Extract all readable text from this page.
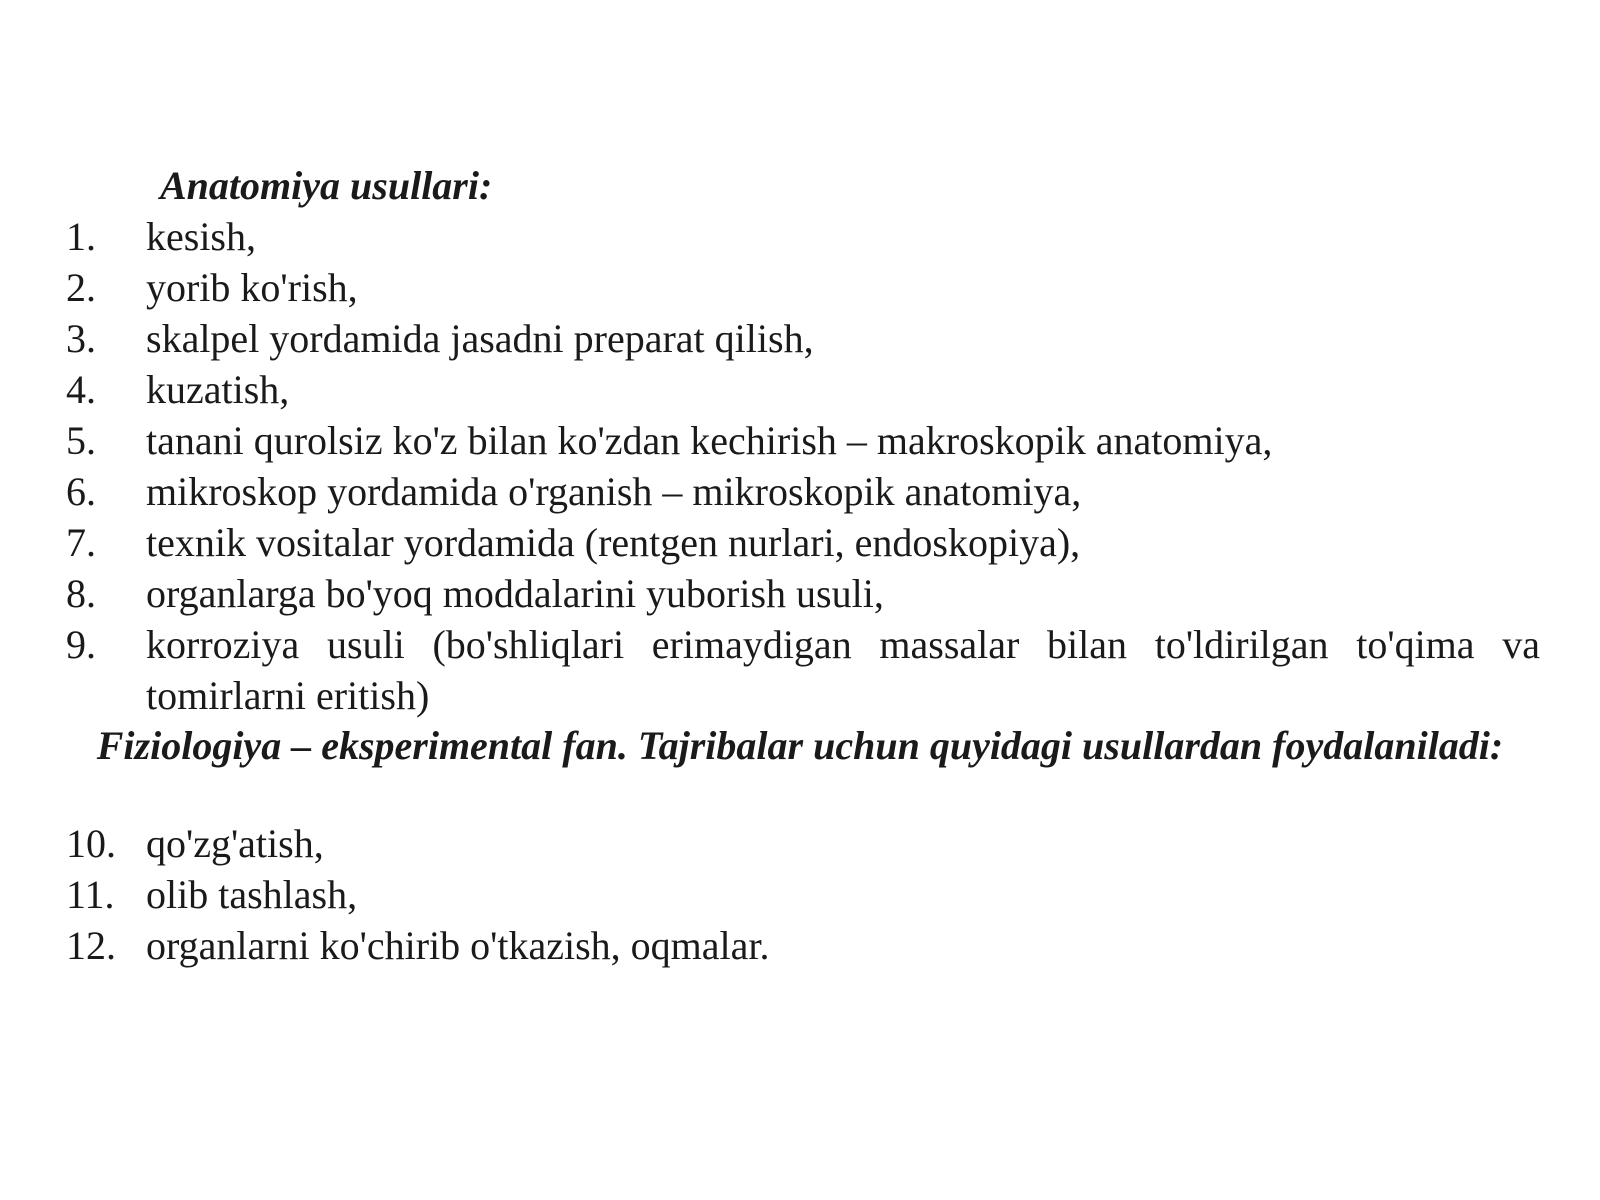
Anatomiya usullari:

1. kesish,
2. yorib ko'rish,
3. skalpel yordamida jasadni preparat qilish,
4. kuzatish,
5. tanani qurolsiz ko'z bilan ko'zdan kechirish – makroskopik anatomiya,
6. mikroskop yordamida o'rganish – mikroskopik anatomiya,
7. texnik vositalar yordamida (rentgen nurlari, endoskopiya),
8. organlarga bo'yoq moddalarini yuborish usuli,
9. korroziya usuli (bo'shliqlari erimaydigan massalar bilan to'ldirilgan to'qima va tomirlarni eritish)

Fiziologiya – eksperimental fan. Tajribalar uchun quyidagi usullardan foydalaniladi:

10. qo'zg'atish,
11. olib tashlash,
12. organlarni ko'chirib o'tkazish, oqmalar.
